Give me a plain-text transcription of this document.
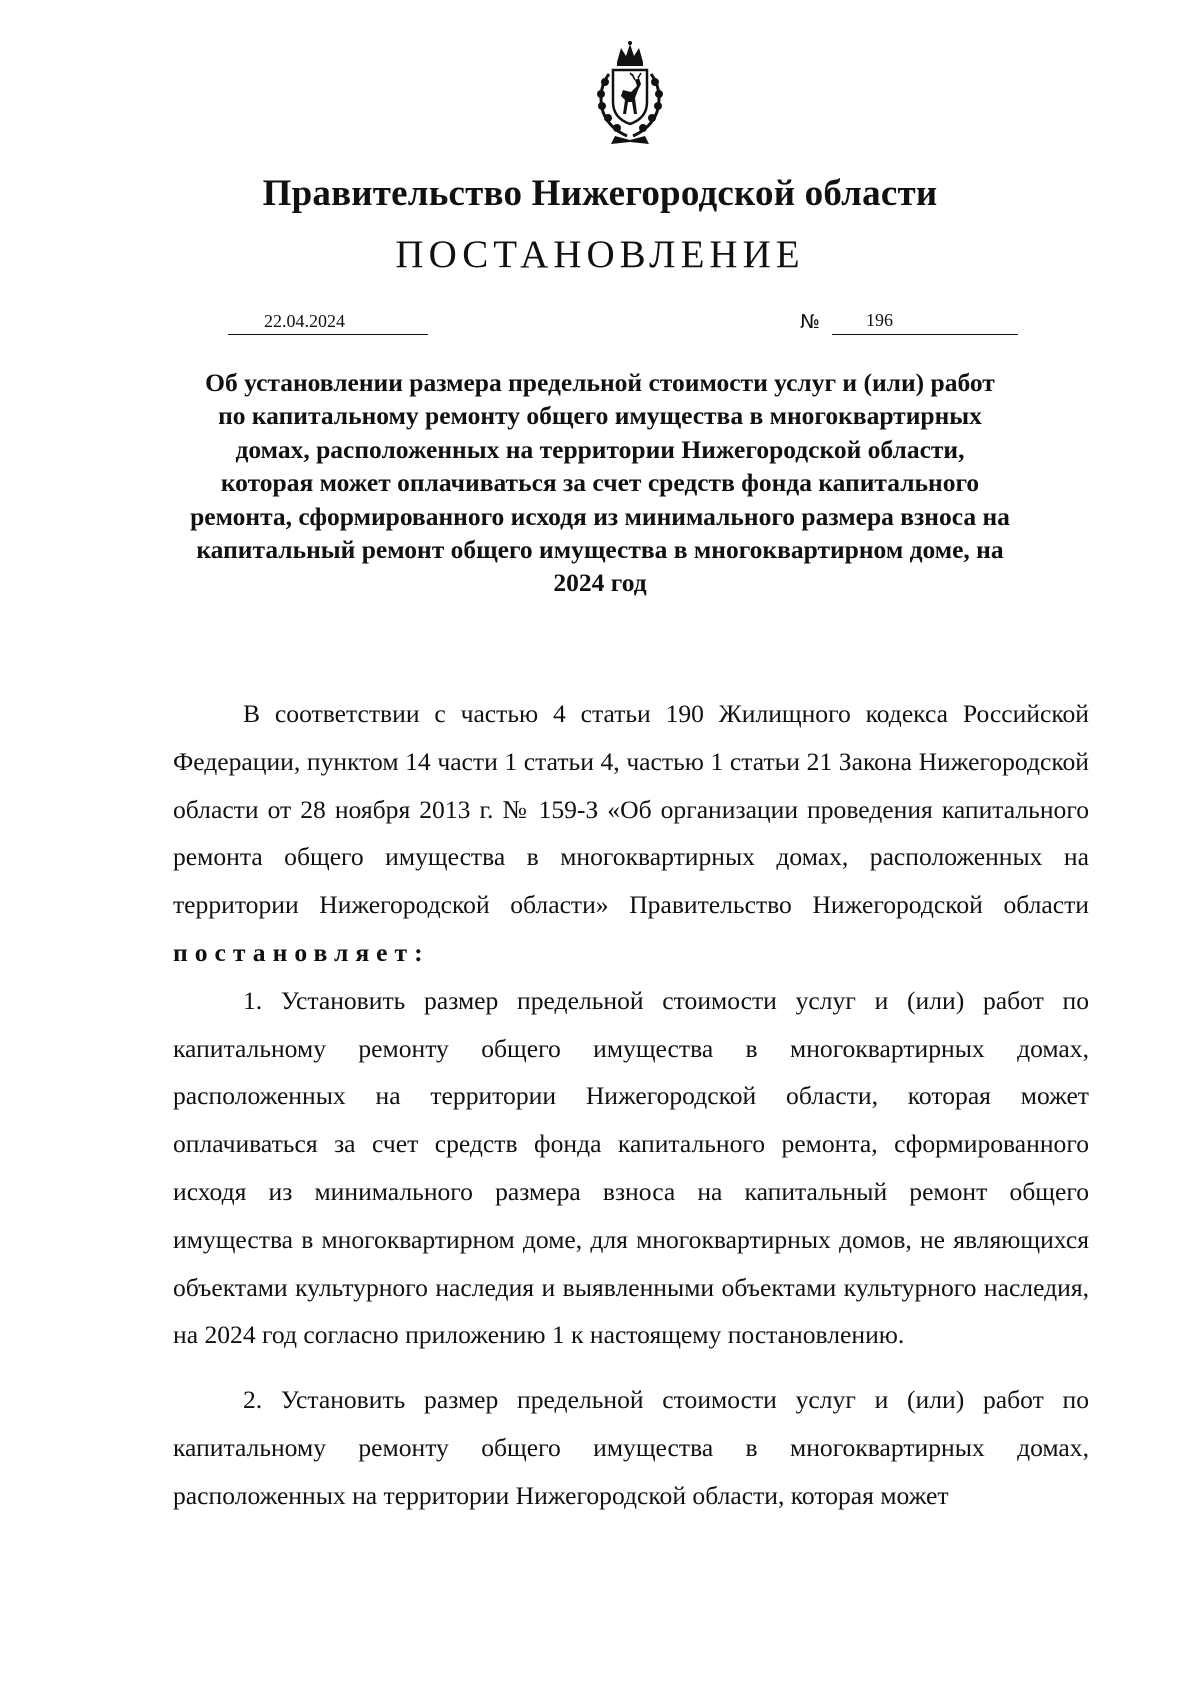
Правительство Нижегородской области
ПОСТАНОВЛЕНИЕ
22.04.2024	№	196
Об установлении размера предельной стоимости услуг и (или) работ по капитальному ремонту общего имущества в многоквартирных домах, расположенных на территории Нижегородской области, которая может оплачиваться за счет средств фонда капитального ремонта, сформированного исходя из минимального размера взноса на капитальный ремонт общего имущества в многоквартирном доме, на 2024 год

В соответствии с частью 4 статьи 190 Жилищного кодекса Российской Федерации, пунктом 14 части 1 статьи 4, частью 1 статьи 21 Закона Нижегородской области от 28 ноября 2013 г. № 159-З «Об организации проведения капитального ремонта общего имущества в многоквартирных домах, расположенных на территории Нижегородской области» Правительство Нижегородской области постановляет:

1. Установить размер предельной стоимости услуг и (или) работ по капитальному ремонту общего имущества в многоквартирных домах, расположенных на территории Нижегородской области, которая может оплачиваться за счет средств фонда капитального ремонта, сформированного исходя из минимального размера взноса на капитальный ремонт общего имущества в многоквартирном доме, для многоквартирных домов, не являющихся объектами культурного наследия и выявленными объектами культурного наследия, на 2024 год согласно приложению 1 к настоящему постановлению.

2. Установить размер предельной стоимости услуг и (или) работ по капитальному ремонту общего имущества в многоквартирных домах, расположенных на территории Нижегородской области, которая может
